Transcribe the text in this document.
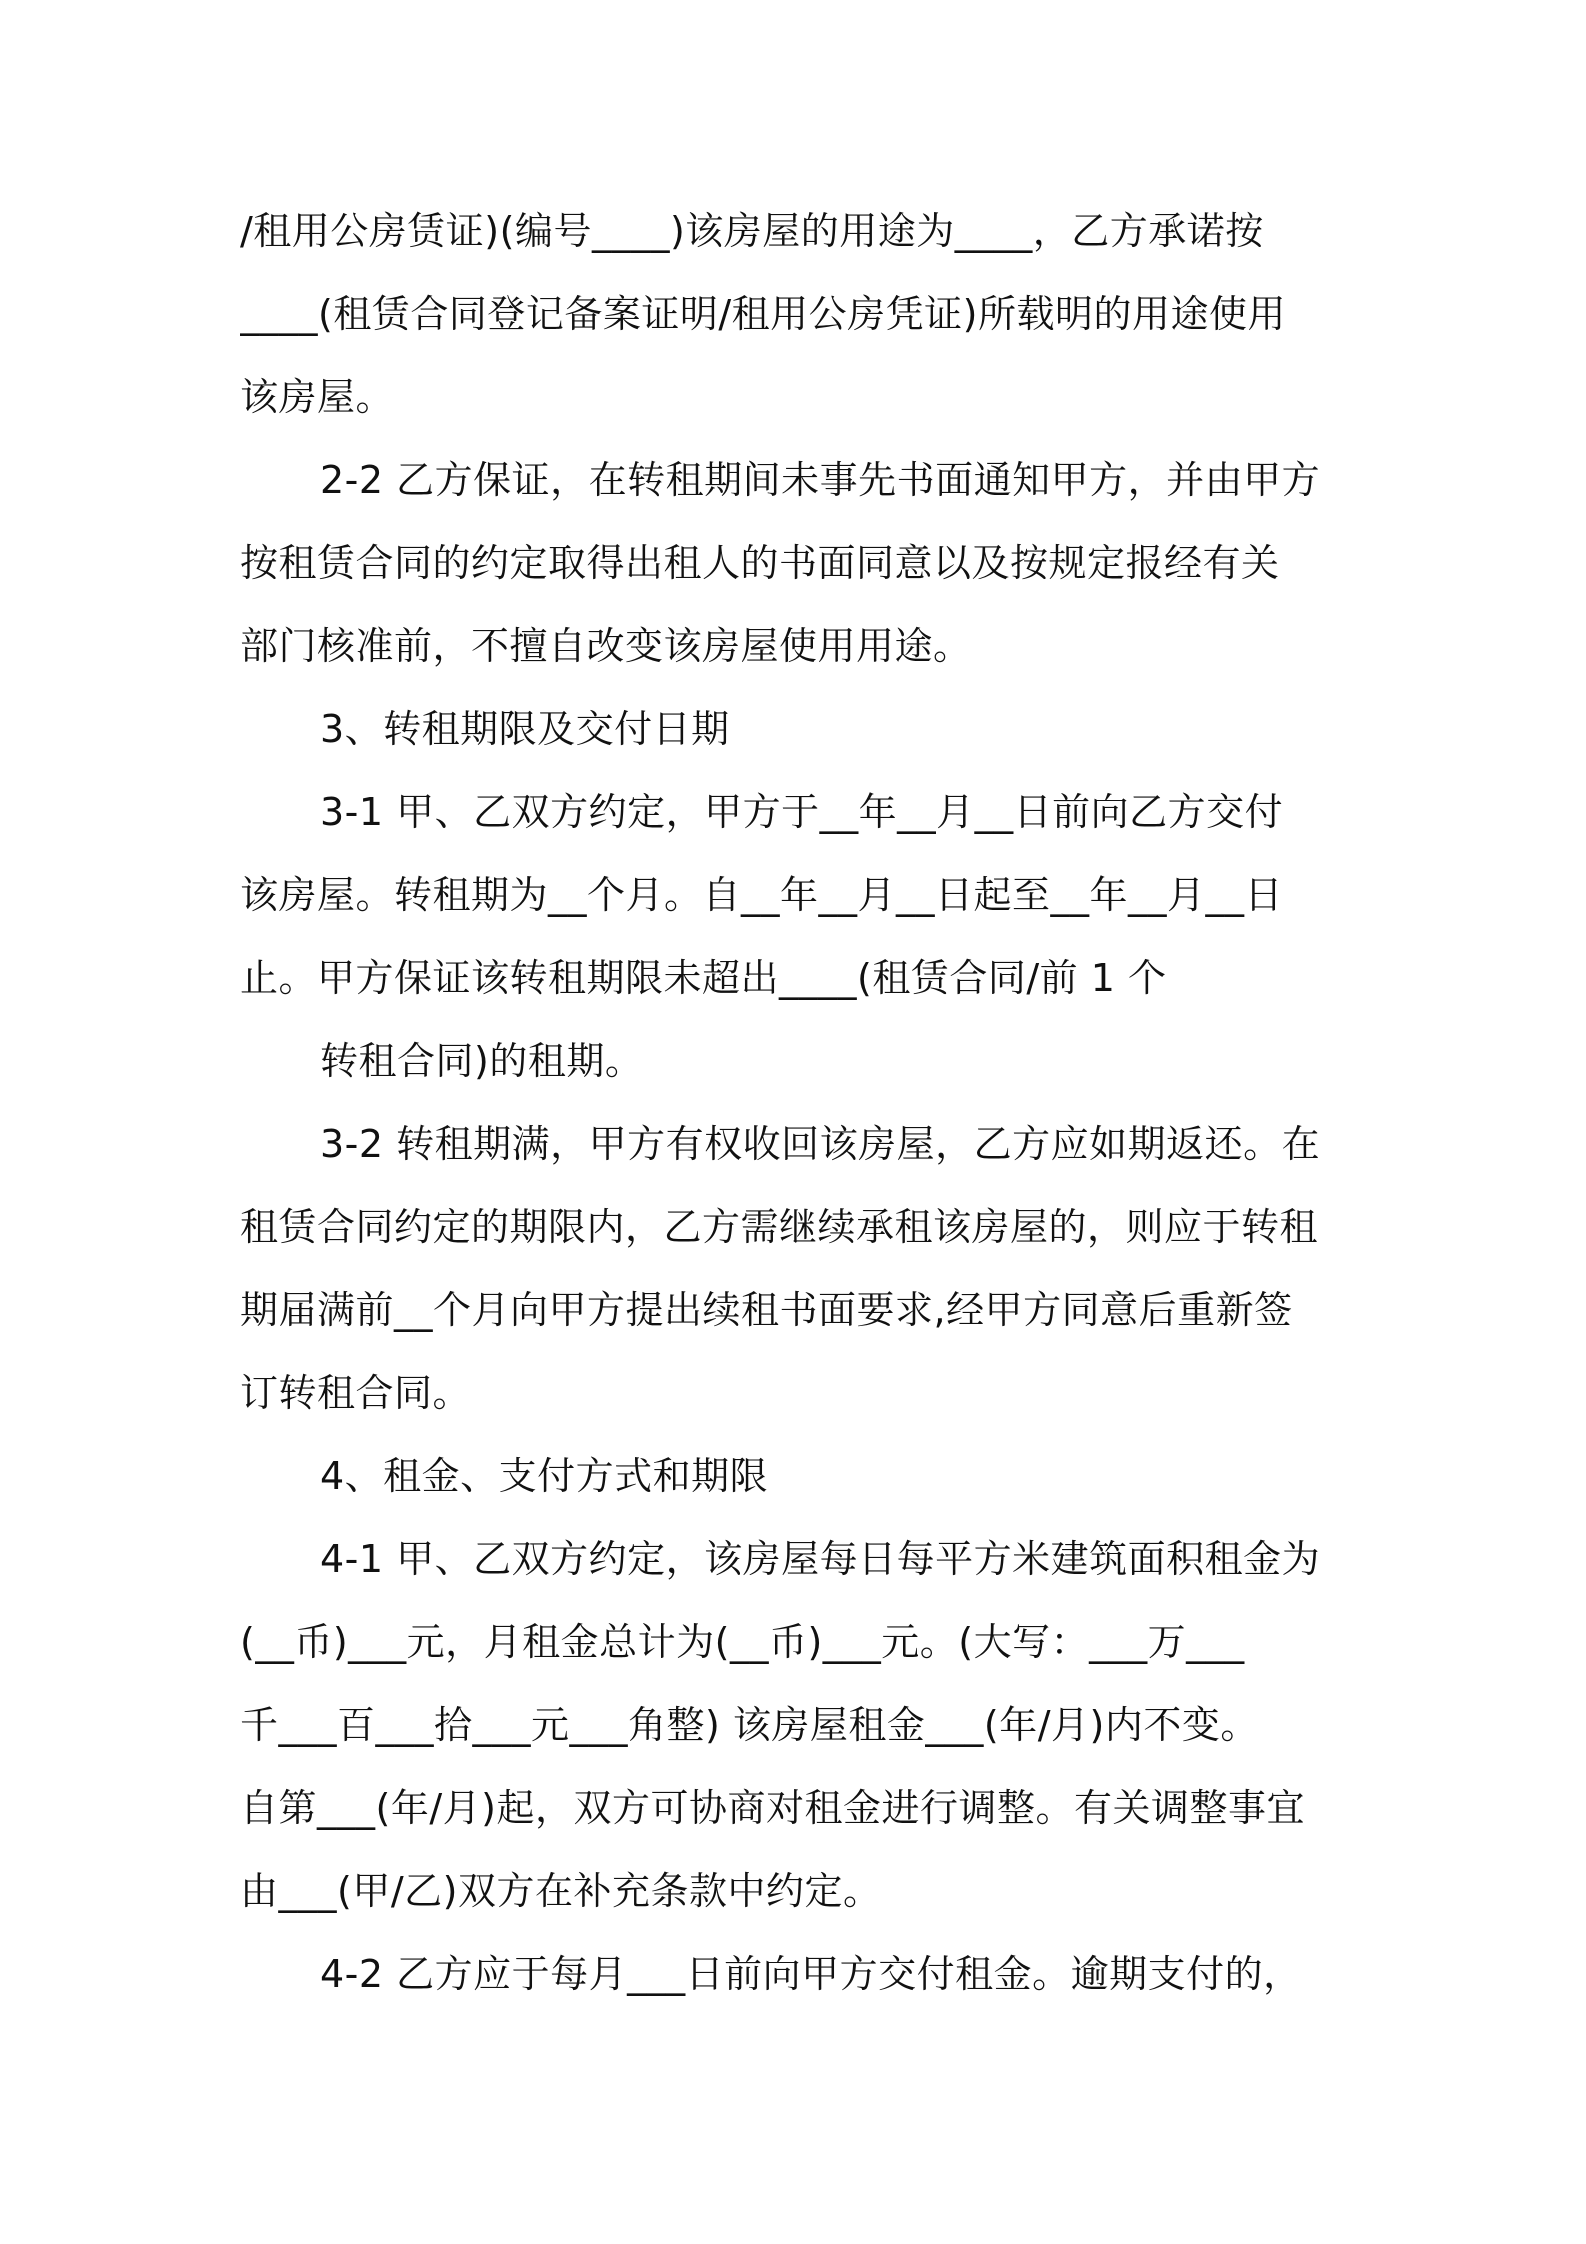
/租用公房赁证)(编号____)该房屋的用途为____，乙方承诺按
____(租赁合同登记备案证明/租用公房凭证)所载明的用途使用
该房屋。
2-2 乙方保证，在转租期间未事先书面通知甲方，并由甲方
按租赁合同的约定取得出租人的书面同意以及按规定报经有关
部门核准前，不擅自改变该房屋使用用途。
3、转租期限及交付日期
3-1 甲、乙双方约定，甲方于__年__月__日前向乙方交付
该房屋。转租期为__个月。自__年__月__日起至__年__月__日
止。甲方保证该转租期限未超出____(租赁合同/前 1 个
转租合同)的租期。
3-2 转租期满，甲方有权收回该房屋，乙方应如期返还。在
租赁合同约定的期限内，乙方需继续承租该房屋的，则应于转租
期届满前__个月向甲方提出续租书面要求,经甲方同意后重新签
订转租合同。
4、租金、支付方式和期限
4-1 甲、乙双方约定，该房屋每日每平方米建筑面积租金为
(__币)___元，月租金总计为(__币)___元。(大写：___万___
千___百___拾___元___角整) 该房屋租金___(年/月)内不变。
自第___(年/月)起，双方可协商对租金进行调整。有关调整事宜
由___(甲/乙)双方在补充条款中约定。
4-2 乙方应于每月___日前向甲方交付租金。逾期支付的，
